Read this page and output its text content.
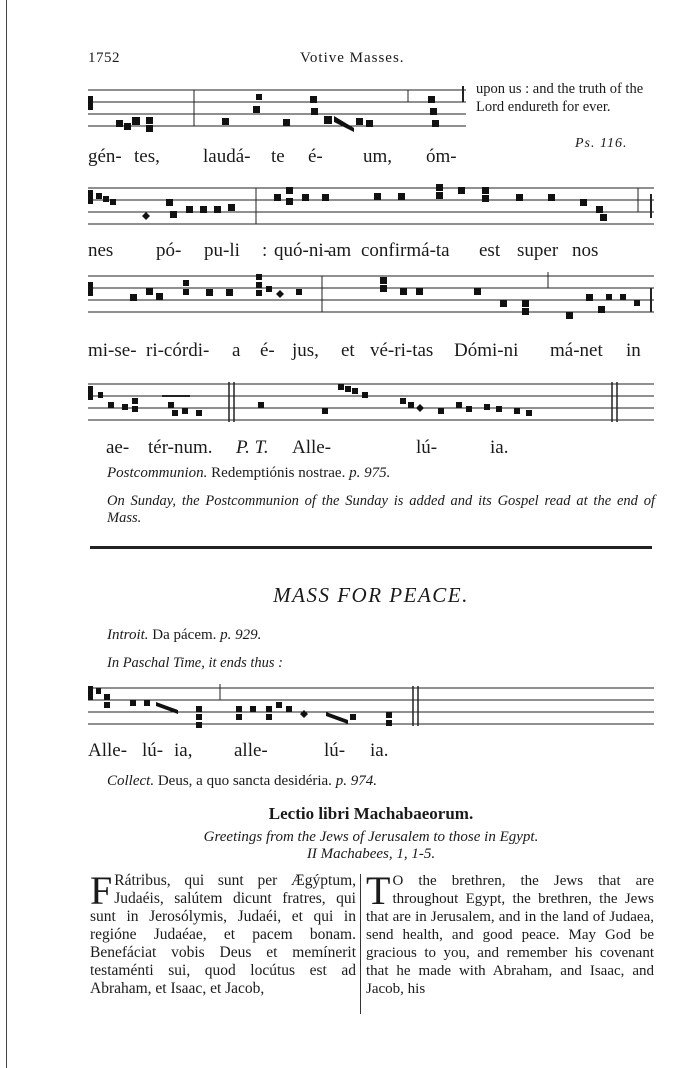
1752	Votive Masses.
gén- tes, laudá- te é- um, óm-
upon us : and the truth of the Lord endureth for ever.
Ps. 116.
nes pó- pu-li : quó-ni-
am confirmá-ta est super nos
mi-se- ri-córdi- a é- jus, et vé-ri-tas Dómi-ni má-net in
ae- tér-num. P. T. Alle-	lú-	ia.
Postcommunion. Redemptiónis nostrae. p. 975.
On Sunday, the Postcommunion of the Sunday is added and its Gospel read at the end of Mass.
MASS FOR PEACE.
Introit. Da pácem. p. 929.
In Paschal Time, it ends thus :
Alle- lú- ia, alle-	lú- ia.
Collect. Deus, a quo sancta desidéria. p. 974.
Lectio libri Machabaeorum.
Greetings from the Jews of Jerusalem to those in Egypt.
II Machabees, 1, 1-5.

F Rátribus, qui sunt per Ægýptum, Judaéis, salútem dicunt fratres, qui sunt in Jerosólymis, Judaéi, et qui in regióne Judaéae, et pacem bonam. Benefáciat vobis Deus et memínerit testaménti sui, quod locútus est ad Abraham, et Isaac, et Jacob,

T O the brethren, the Jews that are throughout Egypt, the brethren, the Jews that are in Jerusalem, and in the land of Judaea, send health, and good peace. May God be gracious to you, and remember his covenant that he made with Abraham, and Isaac, and Jacob, his
